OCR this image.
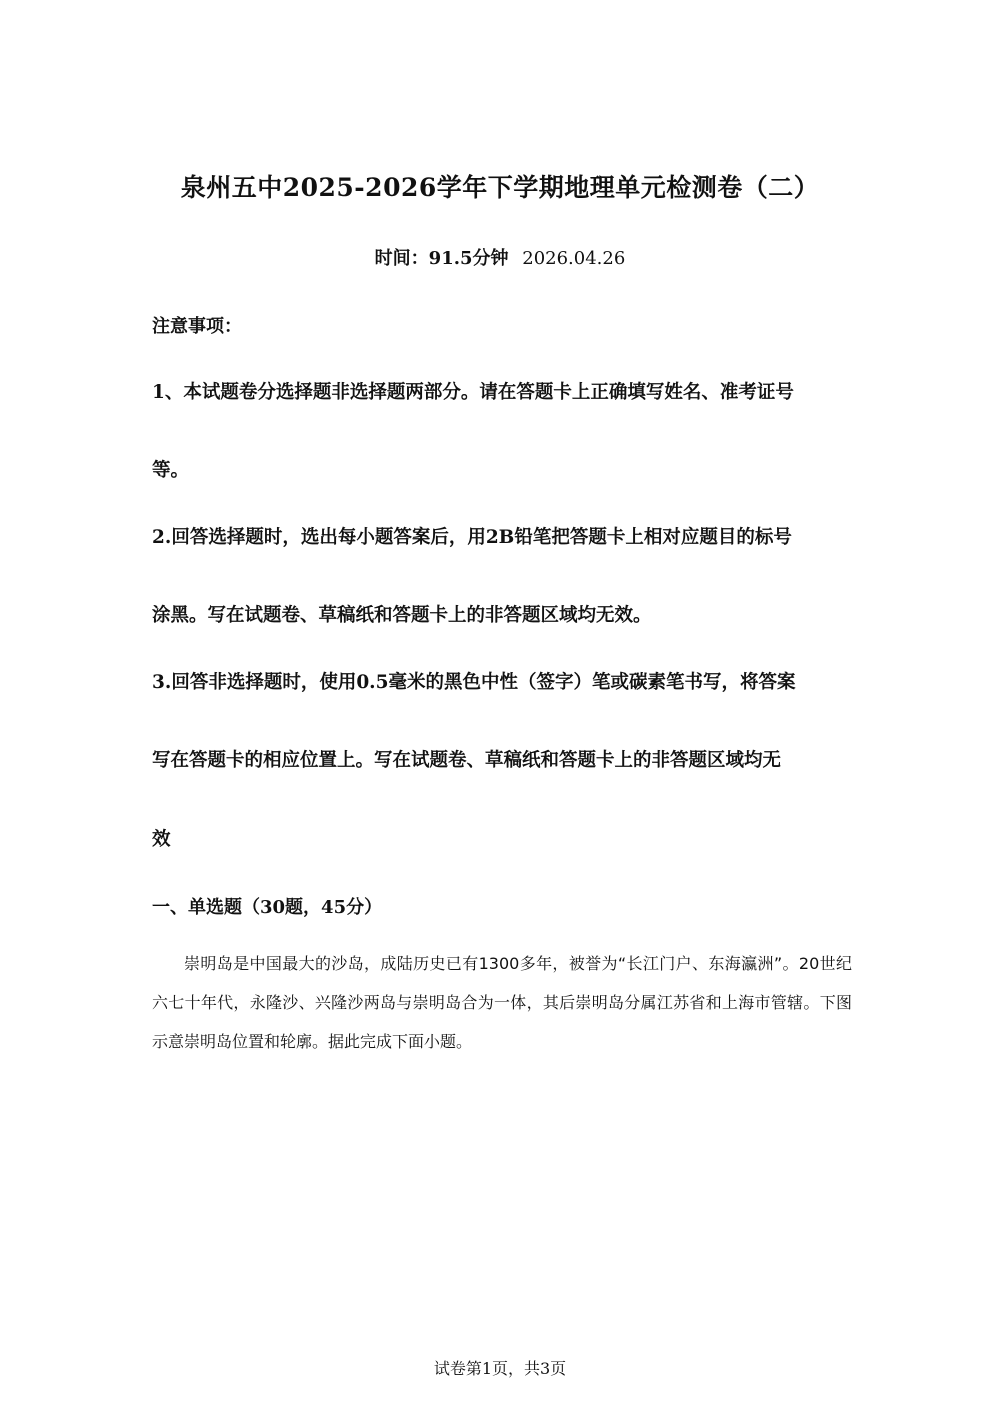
泉州五中2025-2026学年下学期地理单元检测卷（二）
时间：91.5分钟 2026.04.26
注意事项：
1、本试题卷分选择题非选择题两部分。请在答题卡上正确填写姓名、准考证号
等。
2.回答选择题时，选出每小题答案后，用2B铅笔把答题卡上相对应题目的标号
涂黑。写在试题卷、草稿纸和答题卡上的非答题区域均无效。
3.回答非选择题时，使用0.5毫米的黑色中性（签字）笔或碳素笔书写，将答案
写在答题卡的相应位置上。写在试题卷、草稿纸和答题卡上的非答题区域均无
效
一、单选题（30题，45分）
崇明岛是中国最大的沙岛，成陆历史已有1300多年，被誉为“长江门户、东海瀛洲”。20世纪六七十年代，永隆沙、兴隆沙两岛与崇明岛合为一体，其后崇明岛分属江苏省和上海市管辖。下图示意崇明岛位置和轮廓。据此完成下面小题。
试卷第1页，共3页
